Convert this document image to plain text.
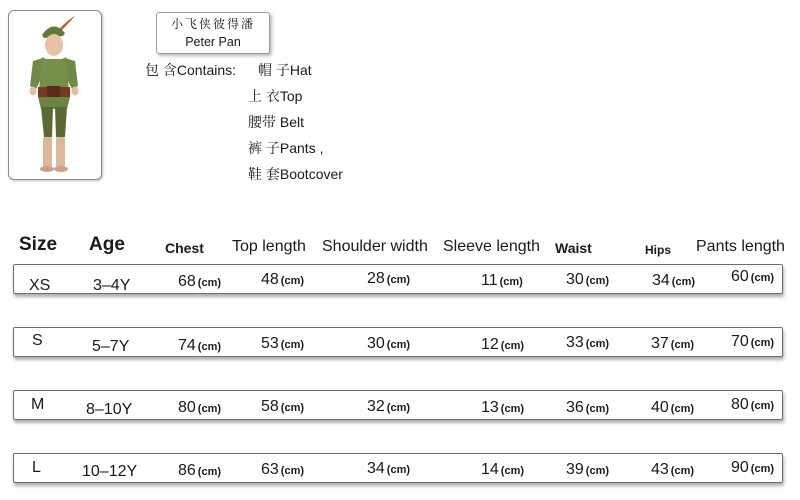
小飞侠彼得潘
Peter Pan
包 含Contains: 帽 子Hat
上 衣Top
腰带 Belt
裤 子Pants ,
鞋 套Bootcover
Size Age	Chest Top length Shoulder width Sleeve length Waist	Hips Pants length
XS	3–4Y	68 (cm) 48 (cm)	28 (cm)	11 (cm)	30 (cm)	34 (cm) 60 (cm)
S	5–7Y	74 (cm) 53 (cm)	30 (cm)	12 (cm)	33 (cm)	37 (cm) 70 (cm)
M	8–10Y	80 (cm) 58 (cm)	32 (cm)	13 (cm)	36 (cm)	40 (cm) 80 (cm)
L	10–12Y	86 (cm) 63 (cm)	34 (cm)	14 (cm)	39 (cm)	43 (cm) 90 (cm)
